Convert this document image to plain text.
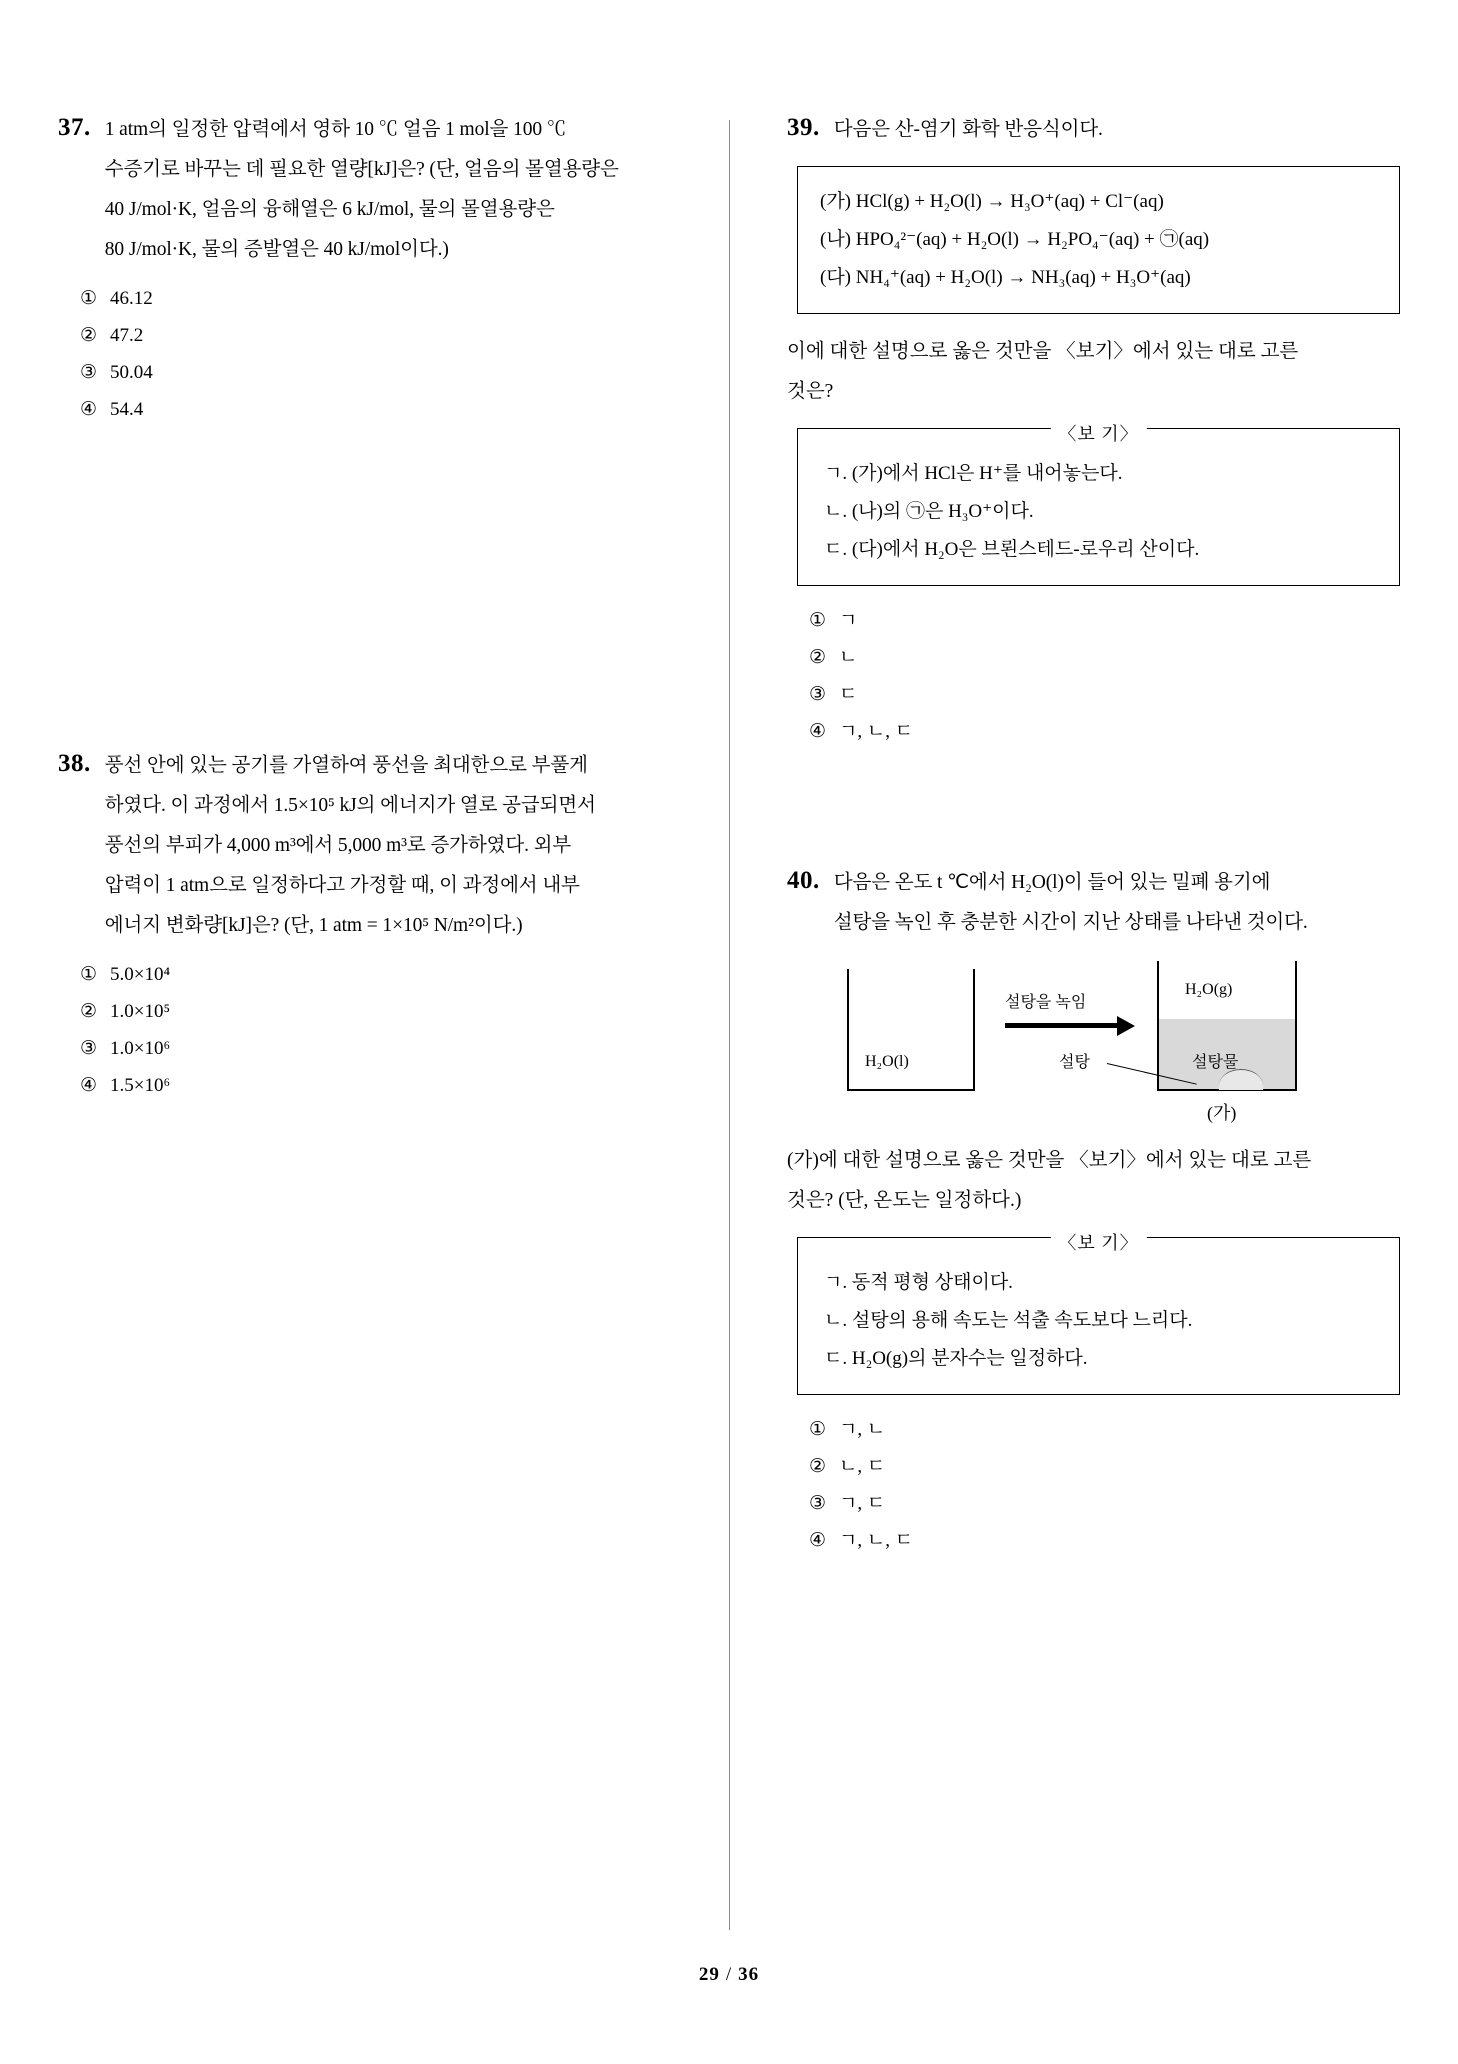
37. 1 atm의 일정한 압력에서 영하 10 ℃ 얼음 1 mol을 100 ℃
수증기로 바꾸는 데 필요한 열량[kJ]은? (단, 얼음의 몰열용량은
40 J/mol·K, 얼음의 융해열은 6 kJ/mol, 물의 몰열용량은
80 J/mol·K, 물의 증발열은 40 kJ/mol이다.)
① 46.12
② 47.2
③ 50.04
④ 54.4
38. 풍선 안에 있는 공기를 가열하여 풍선을 최대한으로 부풀게
하였다. 이 과정에서 1.5×10⁵ kJ의 에너지가 열로 공급되면서
풍선의 부피가 4,000 m³에서 5,000 m³로 증가하였다. 외부
압력이 1 atm으로 일정하다고 가정할 때, 이 과정에서 내부
에너지 변화량[kJ]은? (단, 1 atm = 1×10⁵ N/m²이다.)
① 5.0×10⁴
② 1.0×10⁵
③ 1.0×10⁶
④ 1.5×10⁶
39. 다음은 산-염기 화학 반응식이다.
(가) HCl(g) + H₂O(l) → H₃O⁺(aq) + Cl⁻(aq)
(나) HPO₄²⁻(aq) + H₂O(l) → H₂PO₄⁻(aq) + ㉠(aq)
(다) NH₄⁺(aq) + H₂O(l) → NH₃(aq) + H₃O⁺(aq)
이에 대한 설명으로 옳은 것만을 〈보기〉에서 있는 대로 고른
것은?
〈보 기〉
ㄱ. (가)에서 HCl은 H⁺를 내어놓는다.
ㄴ. (나)의 ㉠은 H₃O⁺이다.
ㄷ. (다)에서 H₂O은 브뢴스테드-로우리 산이다.
① ㄱ
② ㄴ
③ ㄷ
④ ㄱ, ㄴ, ㄷ
40. 다음은 온도 t ℃에서 H₂O(l)이 들어 있는 밀폐 용기에
설탕을 녹인 후 충분한 시간이 지난 상태를 나타낸 것이다.
H₂O(l)
설탕을 녹임
H₂O(g)
설탕물
설탕
(가)
(가)에 대한 설명으로 옳은 것만을 〈보기〉에서 있는 대로 고른
것은? (단, 온도는 일정하다.)
〈보 기〉
ㄱ. 동적 평형 상태이다.
ㄴ. 설탕의 용해 속도는 석출 속도보다 느리다.
ㄷ. H₂O(g)의 분자수는 일정하다.
① ㄱ, ㄴ
② ㄴ, ㄷ
③ ㄱ, ㄷ
④ ㄱ, ㄴ, ㄷ
29 / 36
